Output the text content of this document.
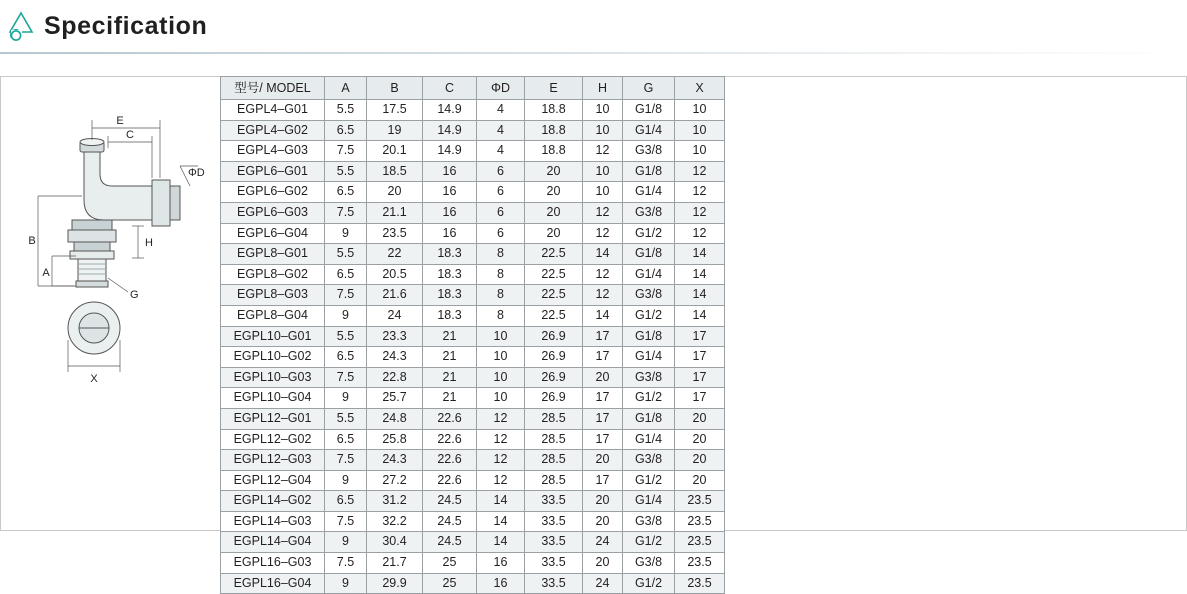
Specification
E
C
ΦD
B
A
H
G
X
型号/ MODEL	A	B	C	ΦD	E	H	G	X
EGPL4–G01	5.5	17.5	14.9	4	18.8	10	G1/8	10
EGPL4–G02	6.5	19	14.9	4	18.8	10	G1/4	10
EGPL4–G03	7.5	20.1	14.9	4	18.8	12	G3/8	10
EGPL6–G01	5.5	18.5	16	6	20	10	G1/8	12
EGPL6–G02	6.5	20	16	6	20	10	G1/4	12
EGPL6–G03	7.5	21.1	16	6	20	12	G3/8	12
EGPL6–G04	9	23.5	16	6	20	12	G1/2	12
EGPL8–G01	5.5	22	18.3	8	22.5	14	G1/8	14
EGPL8–G02	6.5	20.5	18.3	8	22.5	12	G1/4	14
EGPL8–G03	7.5	21.6	18.3	8	22.5	12	G3/8	14
EGPL8–G04	9	24	18.3	8	22.5	14	G1/2	14
EGPL10–G01	5.5	23.3	21	10	26.9	17	G1/8	17
EGPL10–G02	6.5	24.3	21	10	26.9	17	G1/4	17
EGPL10–G03	7.5	22.8	21	10	26.9	20	G3/8	17
EGPL10–G04	9	25.7	21	10	26.9	17	G1/2	17
EGPL12–G01	5.5	24.8	22.6	12	28.5	17	G1/8	20
EGPL12–G02	6.5	25.8	22.6	12	28.5	17	G1/4	20
EGPL12–G03	7.5	24.3	22.6	12	28.5	20	G3/8	20
EGPL12–G04	9	27.2	22.6	12	28.5	17	G1/2	20
EGPL14–G02	6.5	31.2	24.5	14	33.5	20	G1/4	23.5
EGPL14–G03	7.5	32.2	24.5	14	33.5	20	G3/8	23.5
EGPL14–G04	9	30.4	24.5	14	33.5	24	G1/2	23.5
EGPL16–G03	7.5	21.7	25	16	33.5	20	G3/8	23.5
EGPL16–G04	9	29.9	25	16	33.5	24	G1/2	23.5
